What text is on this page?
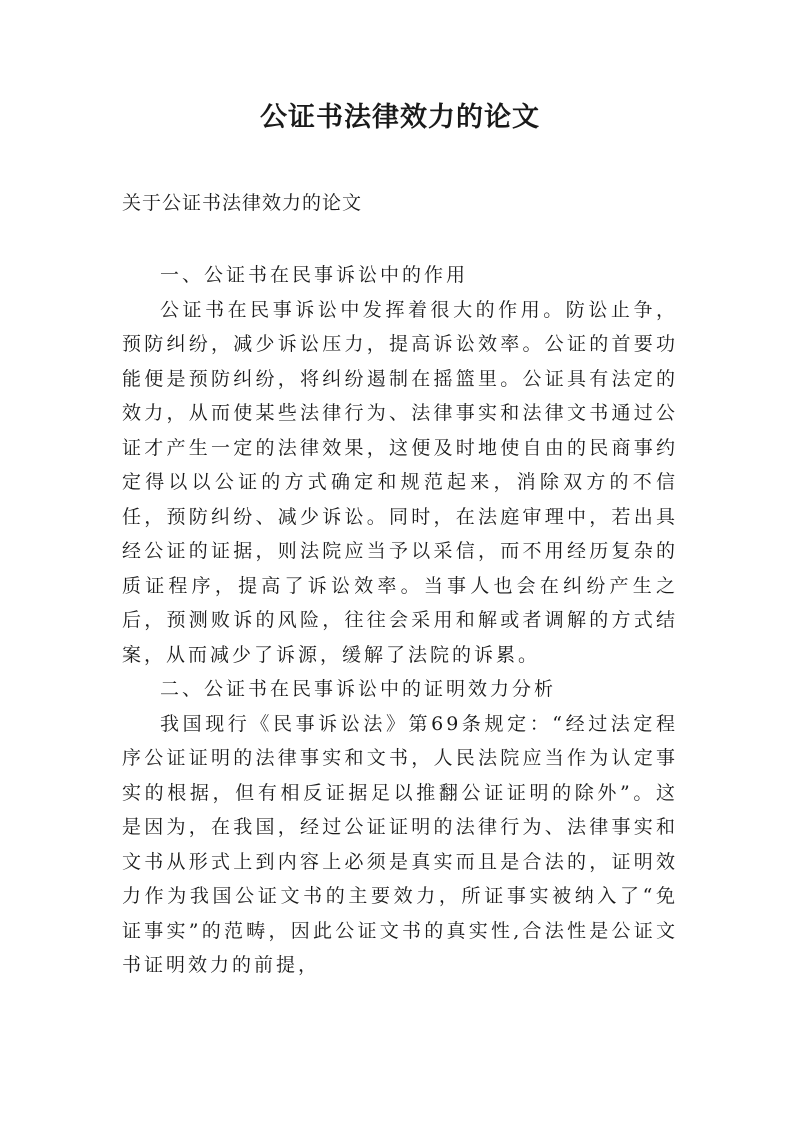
公证书法律效力的论文
关于公证书法律效力的论文

一、公证书在民事诉讼中的作用

公证书在民事诉讼中发挥着很大的作用。防讼止争，预防纠纷，减少诉讼压力，提高诉讼效率。公证的首要功能便是预防纠纷，将纠纷遏制在摇篮里。公证具有法定的效力，从而使某些法律行为、法律事实和法律文书通过公证才产生一定的法律效果，这便及时地使自由的民商事约定得以以公证的方式确定和规范起来，消除双方的不信任，预防纠纷、减少诉讼。同时，在法庭审理中，若出具经公证的证据，则法院应当予以采信，而不用经历复杂的质证程序，提高了诉讼效率。当事人也会在纠纷产生之后，预测败诉的风险，往往会采用和解或者调解的方式结案，从而减少了诉源，缓解了法院的诉累。

二、公证书在民事诉讼中的证明效力分析

我国现行《民事诉讼法》第69条规定：“经过法定程序公证证明的法律事实和文书，人民法院应当作为认定事实的根据，但有相反证据足以推翻公证证明的除外”。这是因为，在我国，经过公证证明的法律行为、法律事实和文书从形式上到内容上必须是真实而且是合法的，证明效力作为我国公证文书的主要效力，所证事实被纳入了“免证事实”的范畴，因此公证文书的真实性,合法性是公证文书证明效力的前提，
